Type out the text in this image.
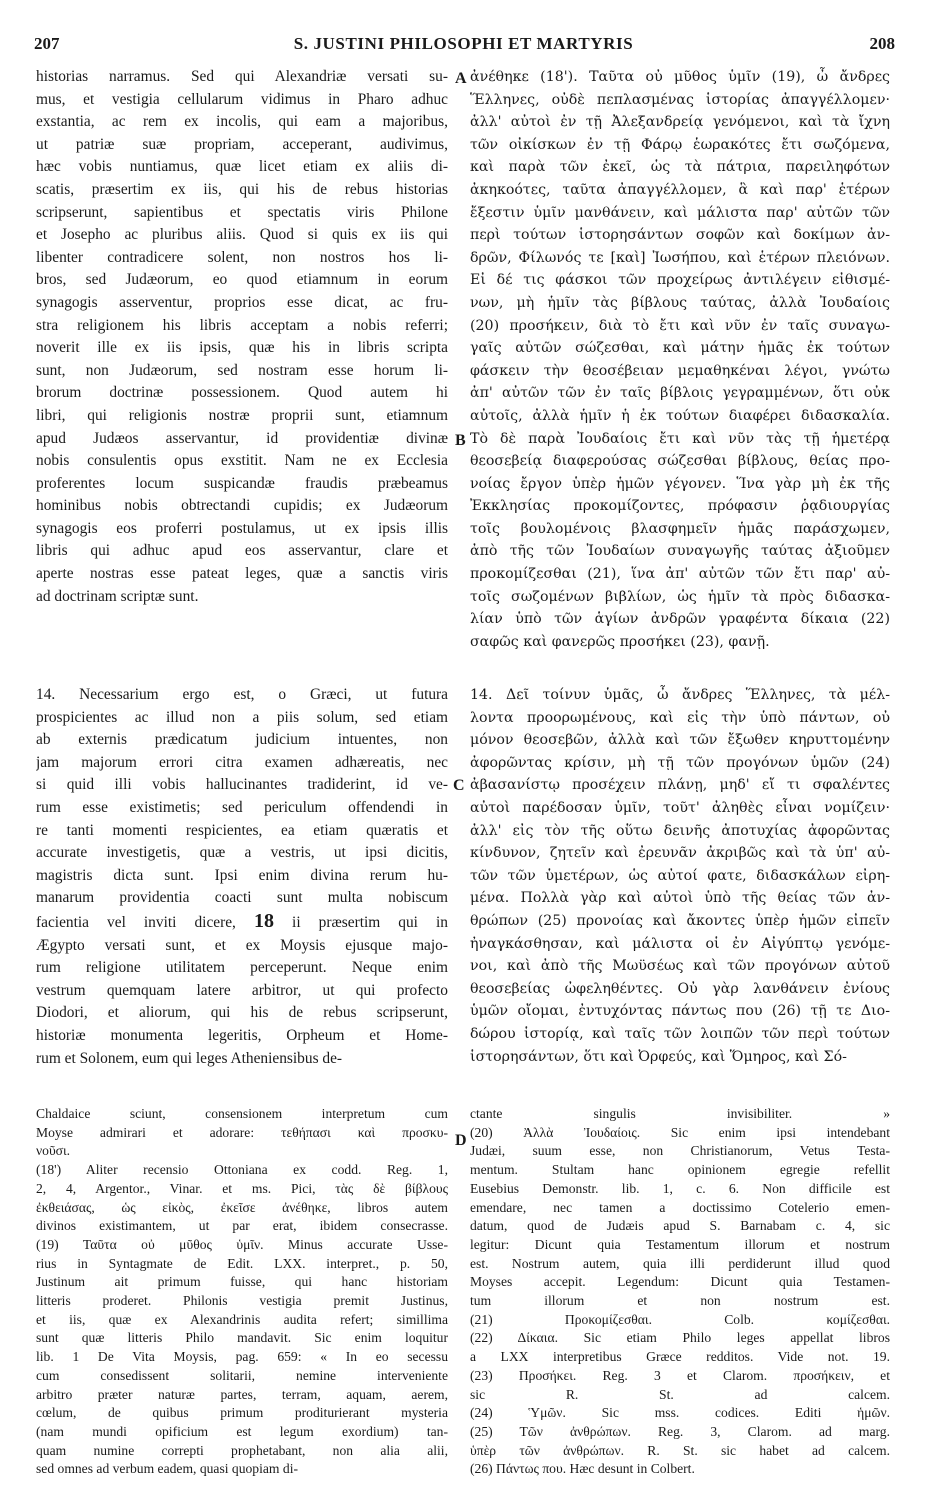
207	S. JUSTINI PHILOSOPHI ET MARTYRIS	208
A
B
C
D
historias narramus. Sed qui Alexandriæ versati su-
mus, et vestigia cellularum vidimus in Pharo adhuc
exstantia, ac rem ex incolis, qui eam a majoribus,
ut patriæ suæ propriam, acceperant, audivimus,
hæc vobis nuntiamus, quæ licet etiam ex aliis di-
scatis, præsertim ex iis, qui his de rebus historias
scripserunt, sapientibus et spectatis viris Philone
et Josepho ac pluribus aliis. Quod si quis ex iis qui
libenter contradicere solent, non nostros hos li-
bros, sed Judæorum, eo quod etiamnum in eorum
synagogis asserventur, proprios esse dicat, ac fru-
stra religionem his libris acceptam a nobis referri;
noverit ille ex iis ipsis, quæ his in libris scripta
sunt, non Judæorum, sed nostram esse horum li-
brorum doctrinæ possessionem. Quod autem hi
libri, qui religionis nostræ proprii sunt, etiamnum
apud Judæos asservantur, id providentiæ divinæ
nobis consulentis opus exstitit. Nam ne ex Ecclesia
proferentes locum suspicandæ fraudis præbeamus
hominibus nobis obtrectandi cupidis; ex Judæorum
synagogis eos proferri postulamus, ut ex ipsis illis
libris qui adhuc apud eos asservantur, clare et
aperte nostras esse pateat leges, quæ a sanctis viris
ad doctrinam scriptæ sunt.
14. Necessarium ergo est, o Græci, ut futura
prospicientes ac illud non a piis solum, sed etiam
ab externis prædicatum judicium intuentes, non
jam majorum errori citra examen adhæreatis, nec
si quid illi vobis hallucinantes tradiderint, id ve-
rum esse existimetis; sed periculum offendendi in
re tanti momenti respicientes, ea etiam quæratis et
accurate investigetis, quæ a vestris, ut ipsi dicitis,
magistris dicta sunt. Ipsi enim divina rerum hu-
manarum providentia coacti sunt multa nobiscum
facientia vel inviti dicere, 18 ii præsertim qui in
Ægypto versati sunt, et ex Moysis ejusque majo-
rum religione utilitatem perceperunt. Neque enim
vestrum quemquam latere arbitror, ut qui profecto
Diodori, et aliorum, qui his de rebus scripserunt,
historiæ monumenta legeritis, Orpheum et Home-
rum et Solonem, eum qui leges Atheniensibus de-
ἀνέθηκε (18'). Ταῦτα οὐ μῦθος ὑμῖν (19), ὦ ἄνδρες
Ἕλληνες, οὐδὲ πεπλασμένας ἱστορίας ἀπαγγέλλομεν·
ἀλλ' αὐτοὶ ἐν τῇ Ἀλεξανδρείᾳ γενόμενοι, καὶ τὰ ἴχνη
τῶν οἰκίσκων ἐν τῇ Φάρῳ ἑωρακότες ἔτι σωζόμενα,
καὶ παρὰ τῶν ἐκεῖ, ὡς τὰ πάτρια, παρειληφότων
ἀκηκοότες, ταῦτα ἀπαγγέλλομεν, ἃ καὶ παρ' ἑτέρων
ἔξεστιν ὑμῖν μανθάνειν, καὶ μάλιστα παρ' αὐτῶν τῶν
περὶ τούτων ἱστορησάντων σοφῶν καὶ δοκίμων ἀν-
δρῶν, Φίλωνός τε [καὶ] Ἰωσήπου, καὶ ἑτέρων πλειόνων.
Εἰ δέ τις φάσκοι τῶν προχείρως ἀντιλέγειν εἰθισμέ-
νων, μὴ ἡμῖν τὰς βίβλους ταύτας, ἀλλὰ Ἰουδαίοις
(20) προσήκειν, διὰ τὸ ἔτι καὶ νῦν ἐν ταῖς συναγω-
γαῖς αὐτῶν σώζεσθαι, καὶ μάτην ἡμᾶς ἐκ τούτων
φάσκειν τὴν θεοσέβειαν μεμαθηκέναι λέγοι, γνώτω
ἀπ' αὐτῶν τῶν ἐν ταῖς βίβλοις γεγραμμένων, ὅτι οὐκ
αὐτοῖς, ἀλλὰ ἡμῖν ἡ ἐκ τούτων διαφέρει διδασκαλία.
Τὸ δὲ παρὰ Ἰουδαίοις ἔτι καὶ νῦν τὰς τῇ ἡμετέρᾳ
θεοσεβείᾳ διαφερούσας σώζεσθαι βίβλους, θείας προ-
νοίας ἔργον ὑπὲρ ἡμῶν γέγονεν. Ἵνα γὰρ μὴ ἐκ τῆς
Ἐκκλησίας προκομίζοντες, πρόφασιν ῥᾳδιουργίας
τοῖς βουλομένοις βλασφημεῖν ἡμᾶς παράσχωμεν,
ἀπὸ τῆς τῶν Ἰουδαίων συναγωγῆς ταύτας ἀξιοῦμεν
προκομίζεσθαι (21), ἵνα ἀπ' αὐτῶν τῶν ἔτι παρ' αὐ-
τοῖς σωζομένων βιβλίων, ὡς ἡμῖν τὰ πρὸς διδασκα-
λίαν ὑπὸ τῶν ἁγίων ἀνδρῶν γραφέντα δίκαια (22)
σαφῶς καὶ φανερῶς προσήκει (23), φανῇ.
14. Δεῖ τοίνυν ὑμᾶς, ὦ ἄνδρες Ἕλληνες, τὰ μέλ-
λοντα προορωμένους, καὶ εἰς τὴν ὑπὸ πάντων, οὐ
μόνον θεοσεβῶν, ἀλλὰ καὶ τῶν ἔξωθεν κηρυττομένην
ἀφορῶντας κρίσιν, μὴ τῇ τῶν προγόνων ὑμῶν (24)
ἀβασανίστῳ προσέχειν πλάνῃ, μηδ' εἴ τι σφαλέντες
αὐτοὶ παρέδοσαν ὑμῖν, τοῦτ' ἀληθὲς εἶναι νομίζειν·
ἀλλ' εἰς τὸν τῆς οὕτω δεινῆς ἀποτυχίας ἀφορῶντας
κίνδυνον, ζητεῖν καὶ ἐρευνᾶν ἀκριβῶς καὶ τὰ ὑπ' αὐ-
τῶν τῶν ὑμετέρων, ὡς αὐτοί φατε, διδασκάλων εἰρη-
μένα. Πολλὰ γὰρ καὶ αὐτοὶ ὑπὸ τῆς θείας τῶν ἀν-
θρώπων (25) προνοίας καὶ ἄκοντες ὑπὲρ ἡμῶν εἰπεῖν
ἠναγκάσθησαν, καὶ μάλιστα οἱ ἐν Αἰγύπτῳ γενόμε-
νοι, καὶ ἀπὸ τῆς Μωϋσέως καὶ τῶν προγόνων αὐτοῦ
θεοσεβείας ὠφεληθέντες. Οὐ γὰρ λανθάνειν ἐνίους
ὑμῶν οἴομαι, ἐντυχόντας πάντως που (26) τῇ τε Διο-
δώρου ἱστορίᾳ, καὶ ταῖς τῶν λοιπῶν τῶν περὶ τούτων
ἱστορησάντων, ὅτι καὶ Ὀρφεύς, καὶ Ὅμηρος, καὶ Σό-
Chaldaice sciunt, consensionem interpretum cum
Moyse admirari et adorare: τεθήπασι καὶ προσκυ-
νοῦσι.
(18') Aliter recensio Ottoniana ex codd. Reg. 1,
2, 4, Argentor., Vinar. et ms. Pici, τὰς δὲ βίβλους
ἐκθειάσας, ὡς εἰκὸς, ἐκεῖσε ἀνέθηκε, libros autem
divinos existimantem, ut par erat, ibidem consecrasse.
(19) Ταῦτα οὐ μῦθος ὑμῖν. Minus accurate Usse-
rius in Syntagmate de Edit. LXX. interpret., p. 50,
Justinum ait primum fuisse, qui hanc historiam
litteris proderet. Philonis vestigia premit Justinus,
et iis, quæ ex Alexandrinis audita refert; simillima
sunt quæ litteris Philo mandavit. Sic enim loquitur
lib. 1 De Vita Moysis, pag. 659: « In eo secessu
cum consedissent solitarii, nemine interveniente
arbitro præter naturæ partes, terram, aquam, aerem,
cœlum, de quibus primum proditurierant mysteria
(nam mundi opificium est legum exordium) tan-
quam numine correpti prophetabant, non alia alii,
sed omnes ad verbum eadem, quasi quopiam di-
ctante singulis invisibiliter. »
(20) Ἀλλὰ Ἰουδαίοις. Sic enim ipsi intendebant
Judæi, suum esse, non Christianorum, Vetus Testa-
mentum. Stultam hanc opinionem egregie refellit
Eusebius Demonstr. lib. 1, c. 6. Non difficile est
emendare, nec tamen a doctissimo Cotelerio emen-
datum, quod de Judæis apud S. Barnabam c. 4, sic
legitur: Dicunt quia Testamentum illorum et nostrum
est. Nostrum autem, quia illi perdiderunt illud quod
Moyses accepit. Legendum: Dicunt quia Testamen-
tum illorum et non nostrum est.
(21) Προκομίζεσθαι. Colb. κομίζεσθαι.
(22) Δίκαια. Sic etiam Philo leges appellat libros
a LXX interpretibus Græce redditos. Vide not. 19.
(23) Προσήκει. Reg. 3 et Clarom. προσήκειν, et
sic R. St. ad calcem.
(24) Ὑμῶν. Sic mss. codices. Editi ἡμῶν.
(25) Τῶν ἀνθρώπων. Reg. 3, Clarom. ad marg.
ὑπὲρ τῶν ἀνθρώπων. R. St. sic habet ad calcem.
(26) Πάντως που. Hæc desunt in Colbert.
